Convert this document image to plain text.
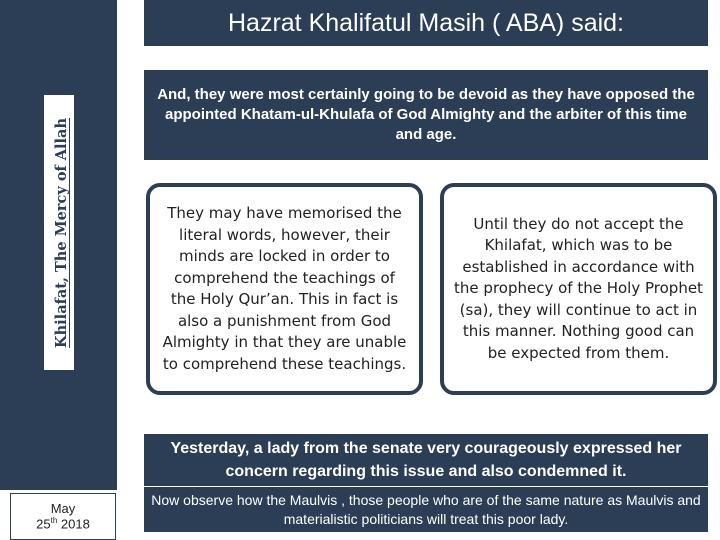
Khilafat, The Mercy of Allah
May
25th 2018
Hazrat Khalifatul Masih ( ABA) said:
And, they were most certainly going to be devoid as they have opposed the appointed Khatam-ul-Khulafa of God Almighty and the arbiter of this time and age.
They may have memorised the literal words, however, their minds are locked in order to comprehend the teachings of the Holy Qur’an. This in fact is also a punishment from God Almighty in that they are unable to comprehend these teachings.
Until they do not accept the Khilafat, which was to be established in accordance with the prophecy of the Holy Prophet (sa), they will continue to act in this manner. Nothing good can be expected from them.
Yesterday, a lady from the senate very courageously expressed her concern regarding this issue and also condemned it.
Now observe how the Maulvis , those people who are of the same nature as Maulvis and materialistic politicians will treat this poor lady.
